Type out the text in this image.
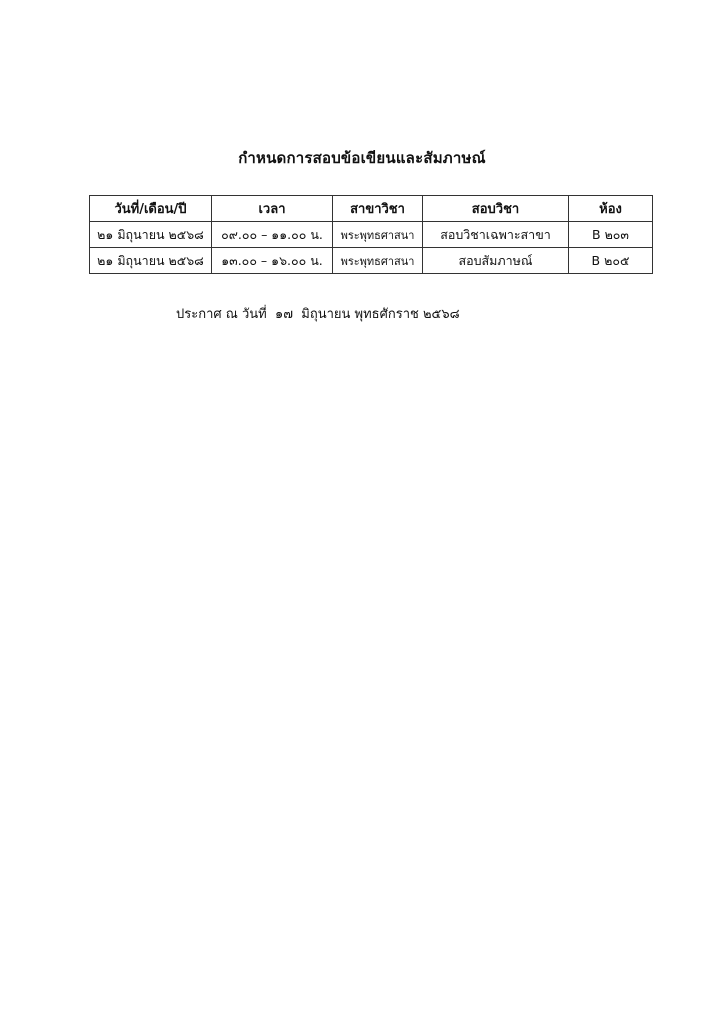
กำหนดการสอบข้อเขียนและสัมภาษณ์
วันที่/เดือน/ปี	เวลา	สาขาวิชา	สอบวิชา	ห้อง
๒๑ มิถุนายน ๒๕๖๘	๐๙.๐๐ – ๑๑.๐๐ น.	พระพุทธศาสนา	สอบวิชาเฉพาะสาขา	B ๒๐๓
๒๑ มิถุนายน ๒๕๖๘	๑๓.๐๐ – ๑๖.๐๐ น.	พระพุทธศาสนา	สอบสัมภาษณ์	B ๒๐๕
ประกาศ ณ วันที่  ๑๗  มิถุนายน พุทธศักราช ๒๕๖๘
